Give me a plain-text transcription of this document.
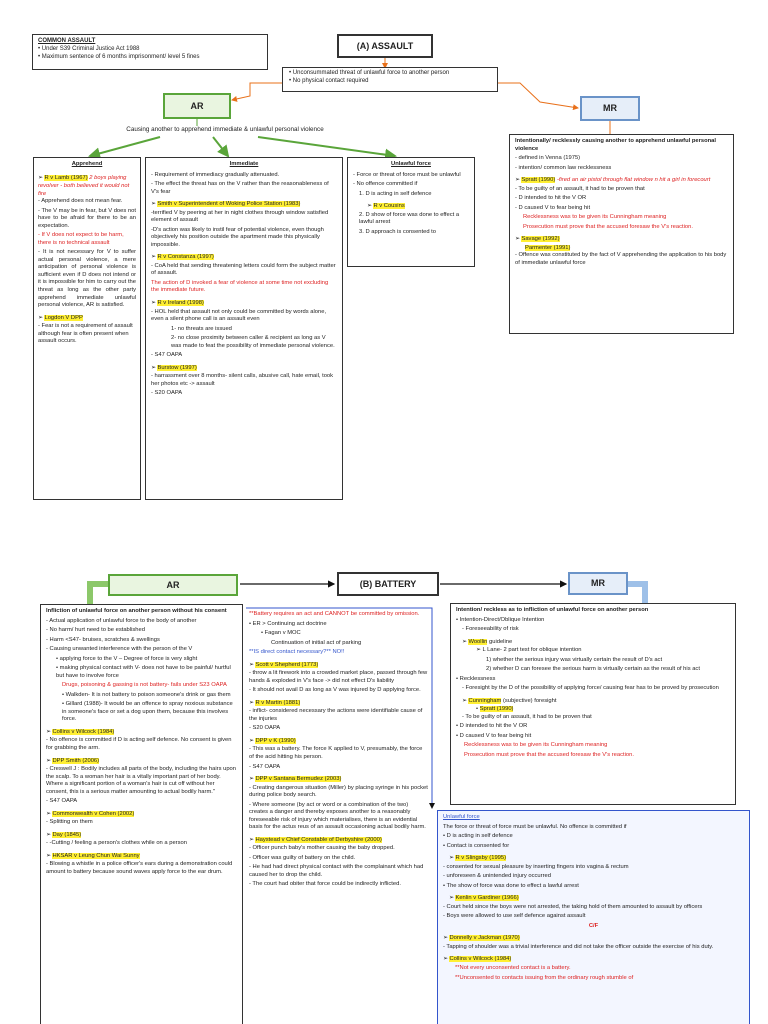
COMMON ASSAULT
• Under S39 Criminal Justice Act 1988
• Maximum sentence of 6 months imprisonment/ level 5 fines
(A) ASSAULT
• Unconsummated threat of unlawful force to another person
• No physical contact required
AR	MR
Causing another to apprehend immediate & unlawful personal violence
Apprehend
➢ R v Lamb (1967) 2 boys playing revolver - both believed it would not fire

- Apprehend does not mean fear.

- The V may be in fear, but V does not have to be afraid for there to be an expectation.

- If V does not expect to be harm, there is no technical assault

- It is not necessary for V to suffer actual personal violence, a mere anticipation of personal violence is sufficient even if D does not intend or it is impossible for him to carry out the threat as long as the other party apprehend immediate unlawful personal violence, AR is satisfied.

➢ Logdon V DPP

- Fear is not a requirement of assault although fear is often present when assault occurs.

Immediate

- Requirement of immediacy gradually attenuated.

- The effect the threat has on the V rather than the reasonableness of V's fear

➢ Smith v Superintendent of Woking Police Station (1983)

-terrified V by peering at her in night clothes through window satisfied element of assault

-D's action was likely to instil fear of potential violence, even though objectively his position outside the apartment made this physically impossible.

➢ R v Constanza (1997)

- CoA held that sending threatening letters could form the subject matter of assault.

The action of D invoked a fear of violence at some time not excluding the immediate future.

➢ R v Ireland (1998)

- HOL held that assault not only could be committed by words alone, even a silent phone call is an assault even

1- no threats are issued

2- no close proximity between caller & recipient as long as V was made to feat the possibility of immediate personal violence.

- S47 OAPA

➢ Burstow (1997)

- harrassment over 8 months- silent calls, abusive call, hate email, took her photos etc -> assault

- S20 OAPA

Unlawful force

- Force or threat of force must be unlawful

- No offence committed if

1. D is acting in self defence

➢ R v Cousins

2. D show of force was done to effect a lawful arrest

3. D approach is consented to

Intentionally/ recklessly causing another to apprehend unlawful personal violence

- defined in Venna (1975)

- intention/ common law recklessness

➢ Spratt (1990) -fired an air pistol through flat window n hit a girl in forecourt

- To be guilty of an assault, it had to be proven that

- D intended to hit the V OR

- D caused V to fear being hit

Recklessness was to be given its Cunningham meaning

Prosecution must prove that the accused foresaw the V's reaction.

➢ Savage (1992)
Parmenter (1991)

- Offence was constituted by the fact of V apprehending the application to his body of immediate unlawful force

AR	(B) BATTERY	MR

Infliction of unlawful force on another person without his consent

- Actual application of unlawful force to the body of another

- No harm/ hurt need to be established

- Harm <S47- bruises, scratches & swellings

- Causing unwanted interference with the person of the V

• applying force to the V – Degree of force is very slight

• making physical contact with V- does not have to be painful/ hurtful but have to involve force

Drugs, poisoning & gassing is not battery- fails under S23 OAPA

• Walkden- It is not battery to poison someone's drink or gas them

• Gillard (1988)- It would be an offence to spray noxious substance in someone's face or set a dog upon them, because this involves force.

➢ Collins v Wilcock (1984)

- No offence is committed if D is acting self defence. No consent is given for grabbing the arm.

➢ DPP Smith (2006)

- Creswell J : Bodily includes all parts of the body, including the hairs upon the scalp. To a woman her hair is a vitally important part of her body. Where a significant portion of a woman's hair is cut off without her consent, this is a serious matter amounting to actual bodily harm."

- S47 OAPA

➢ Commonwealth v Cohen (2002)

- Splitting on them

➢ Day (1845)

- -Cutting / feeling a person's clothes while on a person

➢ HKSAR v Leung Chun Wai Sunny

- Blowing a whistle in a police officer's ears during a demonstration could amount to battery because sound waves apply force to the ear drum.

**Battery requires an act and CANNOT be committed by omission.

• ER > Continuing act doctrine

• Fagan v MOC

Continuation of initial act of parking

**IS direct contact necessary?** NO!!

➢ Scott v Shepherd (1773)

- throw a lit firework into a crowded market place, passed through few hands & exploded in V's face -> did not effect D's liability

- It should not avail D as long as V was injured by D applying force.

➢ R v Martin (1881)

- inflict- considered necessary the actions were identifiable cause of the injuries

- S20 OAPA

➢ DPP v K (1990)

- This was a battery. The force K applied to V, presumably, the force of the acid hitting his person.

- S47 OAPA

➢ DPP v Santana Bermudez (2003)

- Creating dangerous situation (Miller) by placing syringe in his pocket during police body search.

- Where someone (by act or word or a combination of the two) creates a danger and thereby exposes another to a reasonably foreseeable risk of injury which materialises, there is an evidential basis for the actus reus of an assault occasioning actual bodily harm.

➢ Haystead v Chief Constable of Derbyshire (2000)

- Officer punch baby's mother causing the baby dropped.

- Officer was guilty of battery on the child.

- He had had direct physical contact with the complainant which had caused her to drop the child.

- The court had obiter that force could be indirectly inflicted.

Intention/ reckless as to infliction of unlawful force on another person

• Intention-Direct/Oblique Intention

- Foreseeability of risk

➢ Woollin guideline

➢ L Lane- 2 part test for oblique intention

1) whether the serious injury was virtually certain the result of D's act

2) whether D can foresee the serious harm is virtually certain as the result of his act

• Recklessness

- Foresight by the D of the possibility of applying force/ causing fear has to be proved by prosecution

➢ Cunningham (subjective) foresight
• Spratt (1990)

- To be guilty of an assault, it had to be proven that

• D intended to hit the V OR

• D caused V to fear being hit

Recklessness was to be given its Cunningham meaning

Prosecution must prove that the accused foresaw the V's reaction.

Unlawful force

The force or threat of force must be unlawful. No offence is committed if

• D is acting in self defence

• Contact is consented for

➢ R v Slingsby (1995)

- consented for sexual pleasure by inserting fingers into vagina & rectum

- unforeseen & unintended injury occurred

• The show of force was done to effect a lawful arrest

➢ Kenlin v Gardiner (1966)

- Court held since the boys were not arrested, the taking hold of them amounted to assault by officers

- Boys were allowed to use self defence against assault

C/F

➢ Donnelly v Jackman (1970)

- Tapping of shoulder was a trivial interference and did not take the officer outside the exercise of his duty.

➢ Collins v Wilcock (1984)

**Not every unconsented contact is a battery.

**Unconsented to contacts issuing from the ordinary rough stumble of
